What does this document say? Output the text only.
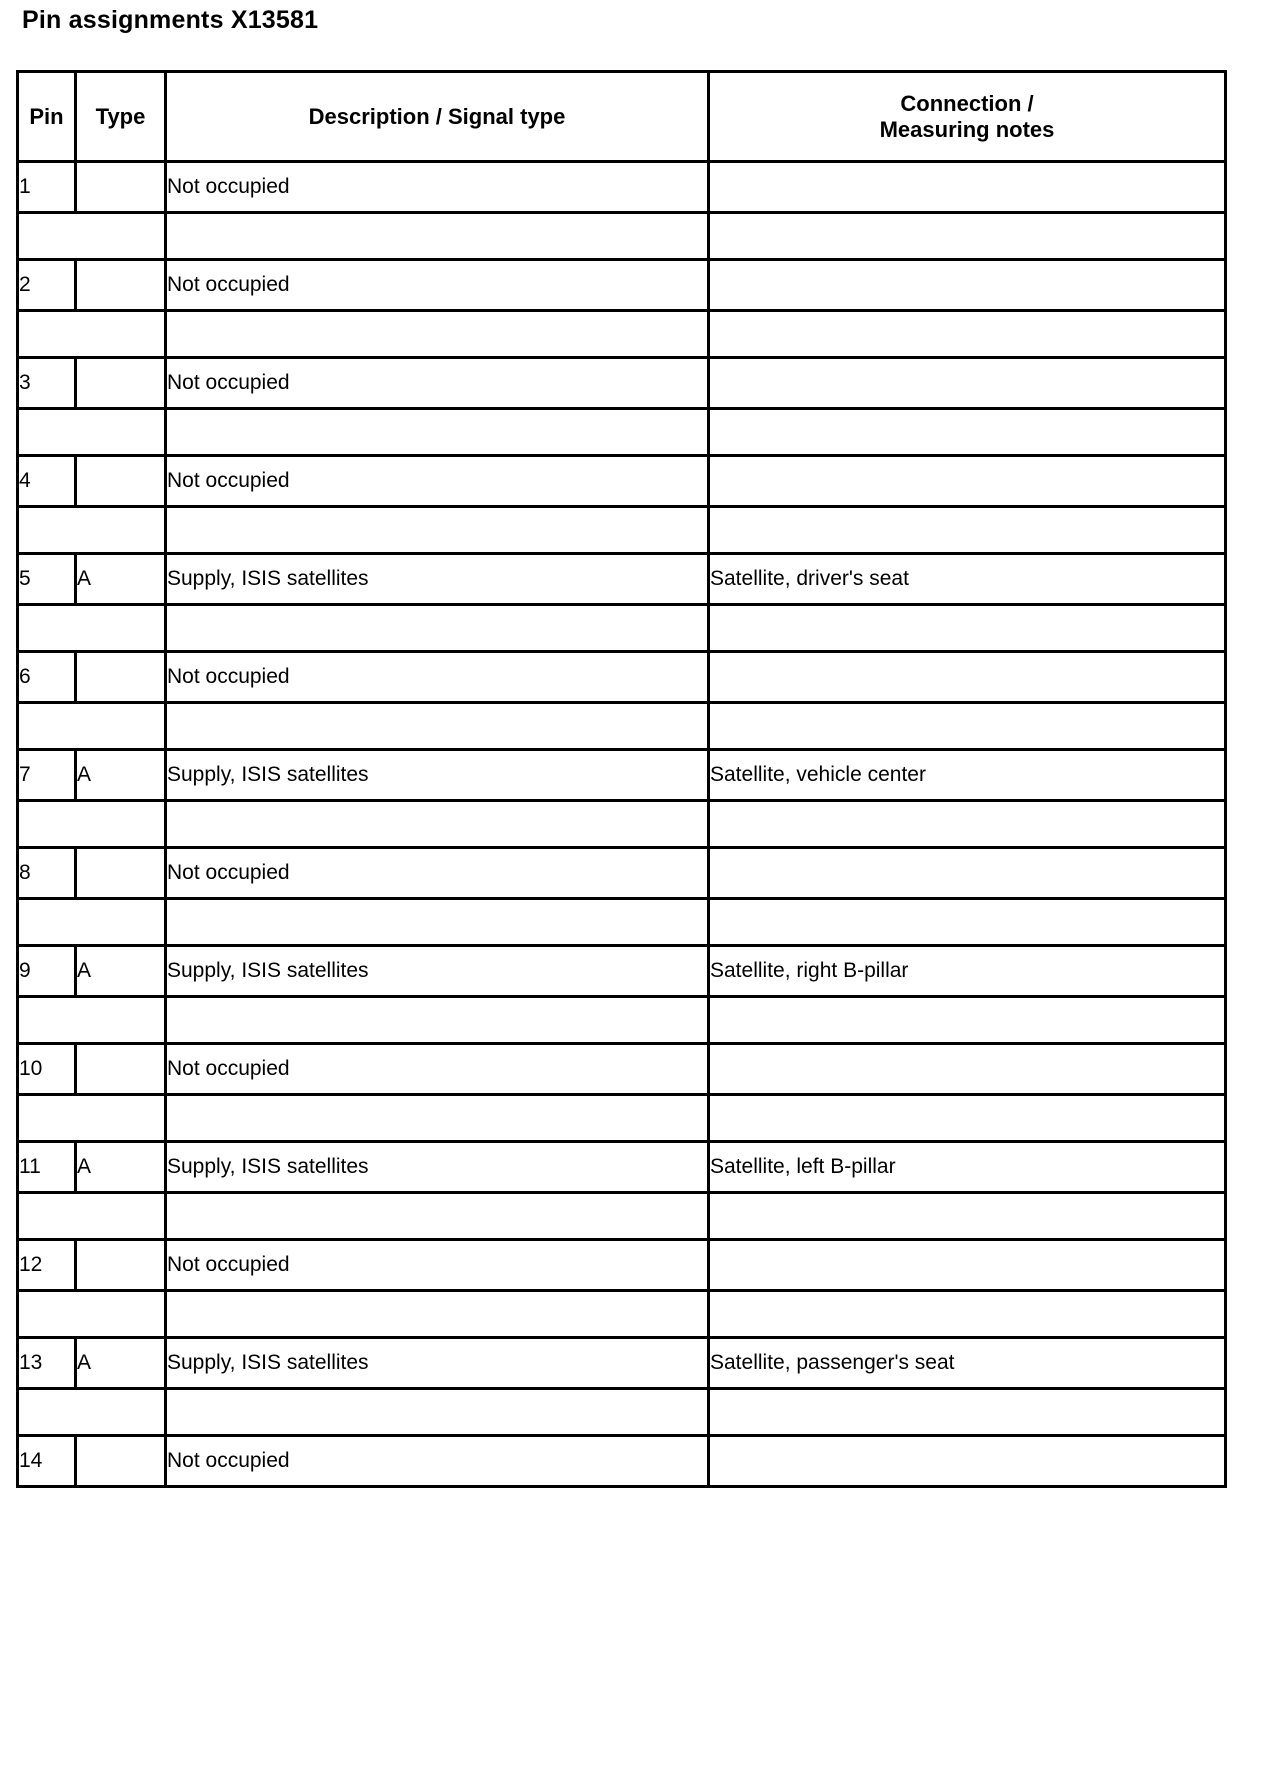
Pin assignments X13581
Pin	Type	Description / Signal type	Connection /
Measuring notes

1		Not occupied	

2		Not occupied	

3		Not occupied	

4		Not occupied	

5	A	Supply, ISIS satellites	Satellite, driver's seat

6		Not occupied	

7	A	Supply, ISIS satellites	Satellite, vehicle center

8		Not occupied	

9	A	Supply, ISIS satellites	Satellite, right B-pillar

10		Not occupied	

11	A	Supply, ISIS satellites	Satellite, left B-pillar

12		Not occupied	

13	A	Supply, ISIS satellites	Satellite, passenger's seat

14		Not occupied	
